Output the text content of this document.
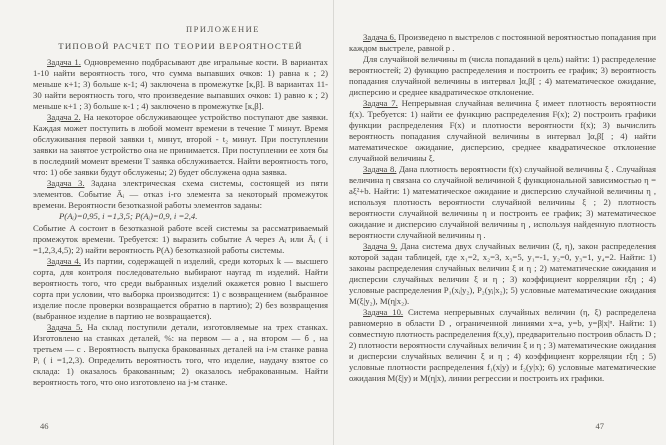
ПРИЛОЖЕНИЕ
ТИПОВОЙ РАСЧЕТ ПО ТЕОРИИ ВЕРОЯТНОСТЕЙ

Задача 1. Одновременно подбрасывают две игральные кости. В вариантах 1-10 найти вероятность того, что сумма выпавших очков: 1) равна к ; 2) меньше к+1; 3) больше к-1; 4) заключена в промежутке [к,β]. В вариантах 11-30 найти вероятность того, что произведение выпавших очков: 1) равно к ; 2) меньше к+1 ; 3) больше к-1 ; 4) заключено в промежутке [к,β].

Задача 2. На некоторое обслуживающее устройство поступают две заявки. Каждая может поступить в любой момент времени в течение T минут. Время обслуживания первой заявки t₁ минут, второй - t₂ минут. При поступлении заявки на занятое устройство она не принимается. При поступлении ее хотя бы в последний момент времени T заявка обслуживается. Найти вероятность того, что: 1) обе заявки будут обслужены; 2) будет обслужена одна заявка.

Задача 3. Задана электрическая схема системы, состоящей из пяти элементов. Событие Āᵢ — отказ i-го элемента за некоторый промежуток времени. Вероятности безотказной работы элементов заданы:

P(Aᵢ)=0,95, i =1,3,5; P(Aᵢ)=0,9, i =2,4.

Событие A состоит в безотказной работе всей системы за рассматриваемый промежуток времени. Требуется: 1) выразить событие A через Aᵢ или Āᵢ ( i =1,2,3,4,5); 2) найти вероятность P(A) безотказной работы системы.

Задача 4. Из партии, содержащей n изделий, среди которых k — высшего сорта, для контроля последовательно выбирают наугад m изделий. Найти вероятность того, что среди выбранных изделий окажется ровно l высшего сорта при условии, что выборка производится: 1) с возвращением (выбранное изделие после проверки возвращается обратно в партию); 2) без возвращения (выбранное изделие в партию не возвращается).

Задача 5. На склад поступили детали, изготовляемые на трех станках. Изготовлено на станках деталей, %: на первом — a , на втором — б , на третьем — c . Вероятность выпуска бракованных деталей на i-м станке равна Pᵢ ( i =1,2,3). Определить вероятность того, что изделие, наудачу взятое со склада: 1) оказалось бракованным; 2) оказалось небракованным. Найти вероятность того, что оно изготовлено на j-м станке.

46

Задача 6. Произведено n выстрелов с постоянной вероятностью попадания при каждом выстреле, равной p .

Для случайной величины m (числа попаданий в цель) найти: 1) распределение вероятностей; 2) функцию распределения и построить ее график; 3) вероятность попадания случайной величины в интервал ]α,β[ ; 4) математическое ожидание, дисперсию и среднее квадратическое отклонение.

Задача 7. Непрерывная случайная величина ξ имеет плотность вероятности f(x). Требуется: 1) найти ее функцию распределения F(x); 2) построить графики функции распределения F(x) и плотности вероятности f(x); 3) вычислить вероятность попадания случайной величины в интервал ]α,β[ ; 4) найти математическое ожидание, дисперсию, среднее квадратическое отклонение случайной величины ξ.

Задача 8. Дана плотность вероятности f(x) случайной величины ξ . Случайная величина η связана со случайной величиной ξ функциональной зависимостью η = aξ²+b. Найти: 1) математическое ожидание и дисперсию случайной величины η , используя плотность вероятности случайной величины ξ ; 2) плотность вероятности случайной величины η и построить ее график; 3) математическое ожидание и дисперсию случайной величины η , используя найденную плотность вероятности случайной величины η .

Задача 9. Дана система двух случайных величин (ξ, η), закон распределения которой задан таблицей, где x₁=2, x₂=3, x₃=5, y₁=-1, y₂=0, y₃=1, y₄=2. Найти: 1) законы распределения случайных величин ξ и η ; 2) математические ожидания и дисперсии случайных величин ξ и η ; 3) коэффициент корреляции rξη ; 4) условные распределения P₁(xᵢ|y₂), P₂(yⱼ|x₂); 5) условные математические ожидания M(ξ|y₂), M(η|x₂).

Задача 10. Система непрерывных случайных величин (η, ξ) распределена равномерно в области D , ограниченной линиями x=a, y=b, y=β|x|ᵅ. Найти: 1) совместную плотность распределения f(x,y), предварительно построив область D ; 2) плотности вероятности случайных величин ξ и η ; 3) математические ожидания и дисперсии случайных величин ξ и η ; 4) коэффициент корреляции rξη ; 5) условные плотности распределения f₁(x|y) и f₂(y|x); 6) условные математические ожидания M(ξ|y) и M(η|x), линии регрессии и построить их графики.

47
